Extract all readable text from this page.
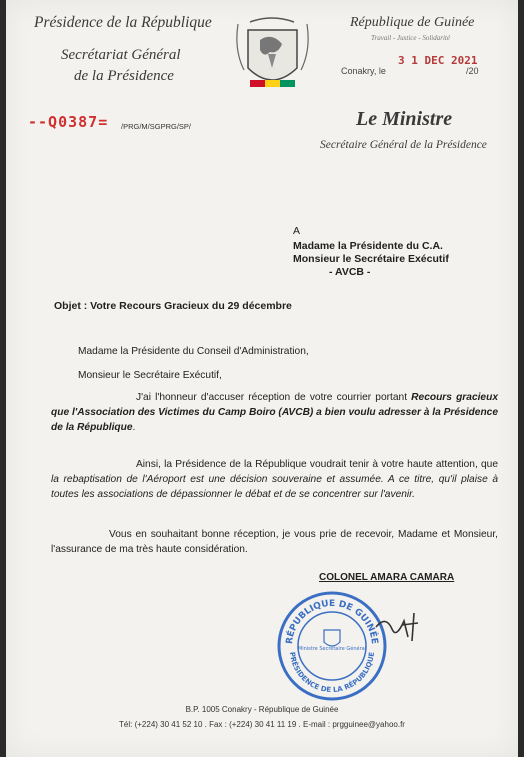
Présidence de la République
Secrétariat Général
de la Présidence
République de Guinée
Travail - Justice - Solidarité
Conakry, le
3 1 DEC 2021
/20
Le Ministre
Secrétaire Général de la Présidence
--Q0387= /PRG/M/SGPRG/SP/
A
Madame la Présidente du C.A.
Monsieur le Secrétaire Exécutif
- AVCB -
Objet : Votre Recours Gracieux du 29 décembre
Madame la Présidente du Conseil d'Administration,
Monsieur le Secrétaire Exécutif,
J'ai l'honneur d'accuser réception de votre courrier portant Recours gracieux que l'Association des Victimes du Camp Boiro (AVCB) a bien voulu adresser à la Présidence de la République.
Ainsi, la Présidence de la République voudrait tenir à votre haute attention, que la rebaptisation de l'Aéroport est une décision souveraine et assumée. A ce titre, qu'il plaise à toutes les associations de dépassionner le débat et de se concentrer sur l'avenir.
Vous en souhaitant bonne réception, je vous prie de recevoir, Madame et Monsieur, l'assurance de ma très haute considération.
COLONEL AMARA CAMARA
RÉPUBLIQUE DE GUINÉE
PRÉSIDENCE DE LA RÉPUBLIQUE
Ministre Secrétaire Général
B.P. 1005 Conakry - République de Guinée
Tél: (+224) 30 41 52 10 . Fax : (+224) 30 41 11 19 . E-mail : prgguinee@yahoo.fr
